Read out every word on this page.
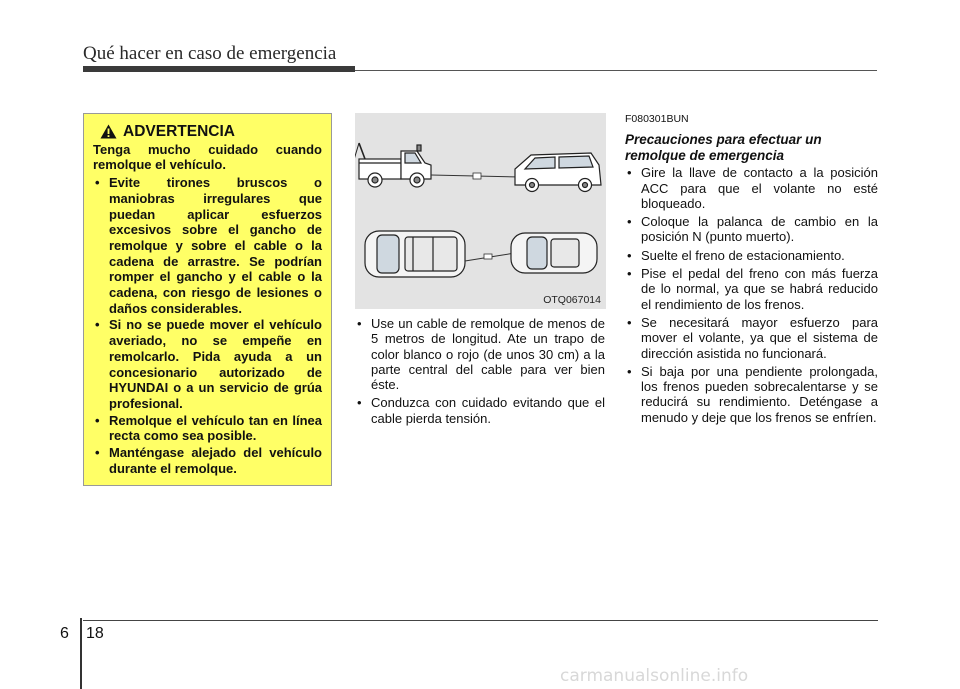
Qué hacer en caso de emergencia
ADVERTENCIA

Tenga mucho cuidado cuando remolque el vehículo.

• Evite tirones bruscos o maniobras irregulares que puedan aplicar esfuerzos excesivos sobre el gancho de remolque y sobre el cable o la cadena de arrastre. Se podrían romper el gancho y el cable o la cadena, con riesgo de lesiones o daños considerables.
• Si no se puede mover el vehículo averiado, no se empeñe en remolcarlo. Pida ayuda a un concesionario autorizado de HYUNDAI o a un servicio de grúa profesional.
• Remolque el vehículo tan en línea recta como sea posible.
• Manténgase alejado del vehículo durante el remolque.
OTQ067014
• Use un cable de remolque de menos de 5 metros de longitud. Ate un trapo de color blanco o rojo (de unos 30 cm) a la parte central del cable para ver bien éste.
• Conduzca con cuidado evitando que el cable pierda tensión.
F080301BUN
Precauciones para efectuar un remolque de emergencia
• Gire la llave de contacto a la posición ACC para que el volante no esté bloqueado.
• Coloque la palanca de cambio en la posición N (punto muerto).
• Suelte el freno de estacionamiento.
• Pise el pedal del freno con más fuerza de lo normal, ya que se habrá reducido el rendimiento de los frenos.
• Se necesitará mayor esfuerzo para mover el volante, ya que el sistema de dirección asistida no funcionará.
• Si baja por una pendiente prolongada, los frenos pueden sobrecalentarse y se reducirá su rendimiento. Deténgase a menudo y deje que los frenos se enfríen.
6 18
carmanualsonline.info
